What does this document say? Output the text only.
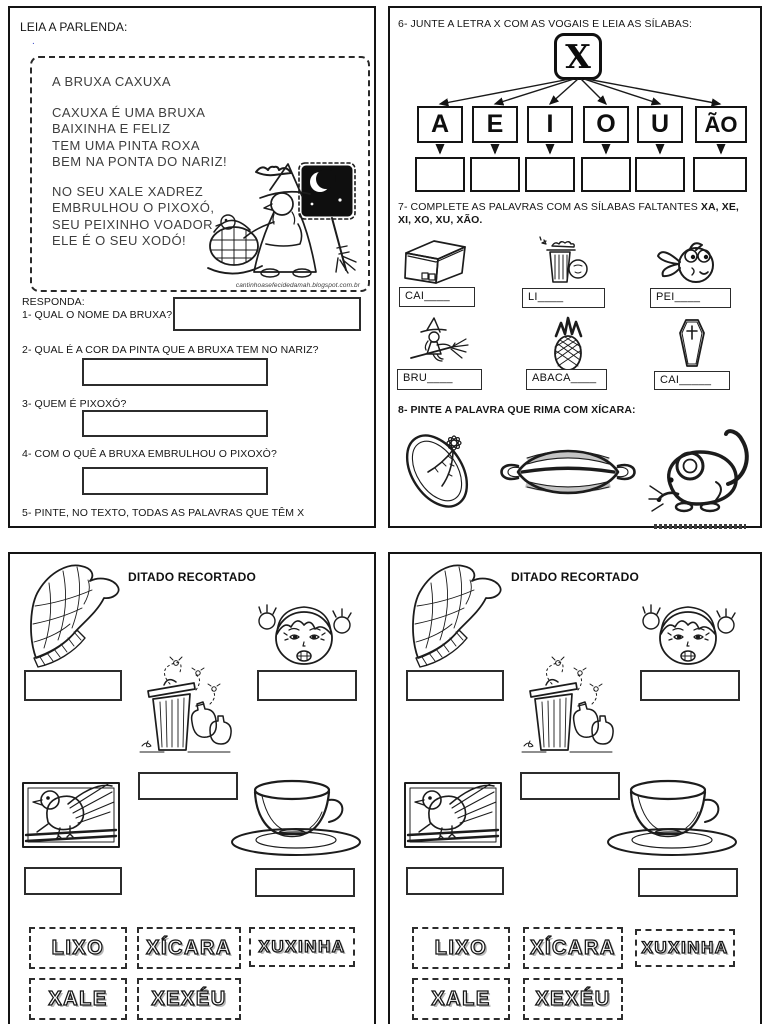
LEIA A PARLENDA:
.
A BRUXA CAXUXA
CAXUXA É UMA BRUXA
BAIXINHA E FELIZ
TEM UMA PINTA ROXA
BEM NA PONTA DO NARIZ!
NO SEU XALE XADREZ
EMBRULHOU O PIXOXÓ,
SEU PEIXINHO VOADOR
ELE É O SEU XODÓ!
cantinhoasefecidedamah.blogspot.com.br
RESPONDA:
1- QUAL O NOME DA BRUXA?
2- QUAL É A COR DA PINTA QUE A BRUXA TEM NO NARIZ?
3- QUEM É PIXOXÓ?
4- COM O QUÊ A BRUXA EMBRULHOU O PIXOXÒ?
5- PINTE, NO TEXTO, TODAS AS PALAVRAS QUE TÊM X
6- JUNTE A LETRA X COM AS VOGAIS E LEIA AS SÍLABAS:
X
A E I O U ÃO
7- COMPLETE AS PALAVRAS COM AS SÍLABAS FALTANTES XA, XE, XI, XO, XU, XÃO.
CAI____	LI____	PEI____
BRU____	ABACA____	CAI_____
8- PINTE A PALAVRA QUE RIMA COM XÍCARA:
DITADO RECORTADO
LIXO XÍCARA XUXINHA
XALE XEXÉU
DITADO RECORTADO
LIXO XÍCARA XUXINHA
XALE XEXÉU
